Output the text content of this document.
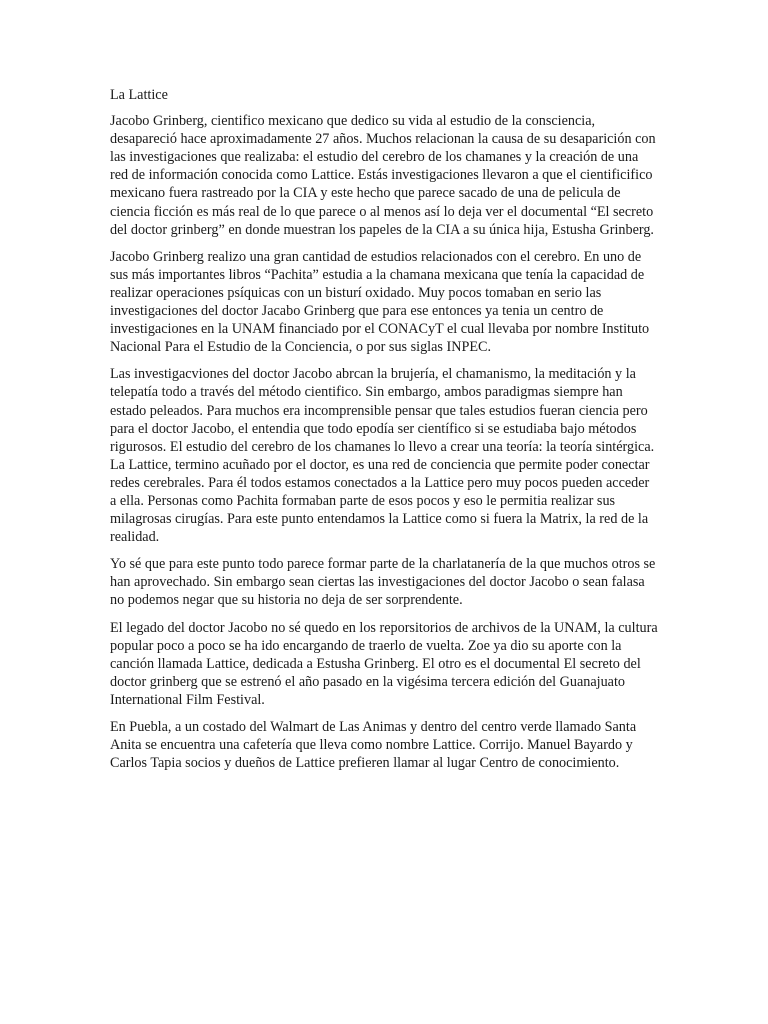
La Lattice

Jacobo Grinberg, cientifico mexicano que dedico su vida al estudio de la consciencia, desapareció hace aproximadamente 27 años. Muchos relacionan la causa de su desaparición con las investigaciones que realizaba: el estudio del cerebro de los chamanes y la creación de una red de información conocida como Lattice. Estás investigaciones llevaron a que el cientificifico mexicano fuera rastreado por la CIA y este hecho que parece sacado de una de pelicula de ciencia ficción es más real de lo que parece o al menos así lo deja ver el documental “El secreto del doctor grinberg” en donde muestran los papeles de la CIA a su única hija, Estusha Grinberg.

Jacobo Grinberg realizo una gran cantidad de estudios relacionados con el cerebro. En uno de sus más importantes libros “Pachita” estudia a la chamana mexicana que tenía la capacidad de realizar operaciones psíquicas con un bisturí oxidado. Muy pocos tomaban en serio las investigaciones del doctor Jacabo Grinberg que para ese entonces ya tenia un centro de investigaciones en la UNAM financiado por el CONACyT el cual llevaba por nombre Instituto Nacional Para el Estudio de la Conciencia, o por sus siglas INPEC.

Las investigacviones del doctor Jacobo abrcan la brujería, el chamanismo, la meditación y la telepatía todo a través del método cientifico. Sin embargo, ambos paradigmas siempre han estado peleados. Para muchos era incomprensible pensar que tales estudios fueran ciencia pero para el doctor Jacobo, el entendia que todo epodía ser científico si se estudiaba bajo métodos rigurosos. El estudio del cerebro de los chamanes lo llevo a crear una teoría: la teoría sintérgica. La Lattice, termino acuñado por el doctor, es una red de conciencia que permite poder conectar redes cerebrales. Para él todos estamos conectados a la Lattice pero muy pocos pueden acceder a ella. Personas como Pachita formaban parte de esos pocos y eso le permitia realizar sus milagrosas cirugías. Para este punto entendamos la Lattice como si fuera la Matrix, la red de la realidad.

Yo sé que para este punto todo parece formar parte de la charlatanería de la que muchos otros se han aprovechado. Sin embargo sean ciertas las investigaciones del doctor Jacobo o sean falasa no podemos negar que su historia no deja de ser sorprendente.

El legado del doctor Jacobo no sé quedo en los reporsitorios de archivos de la UNAM, la cultura popular poco a poco se ha ido encargando de traerlo de vuelta. Zoe ya dio su aporte con la canción llamada Lattice, dedicada a Estusha Grinberg. El otro es el documental El secreto del doctor grinberg que se estrenó el año pasado en la vigésima tercera edición del Guanajuato International Film Festival.

En Puebla, a un costado del Walmart de Las Animas y dentro del centro verde llamado Santa Anita se encuentra una cafetería que lleva como nombre Lattice. Corrijo. Manuel Bayardo y Carlos Tapia socios y dueños de Lattice prefieren llamar al lugar Centro de conocimiento.
